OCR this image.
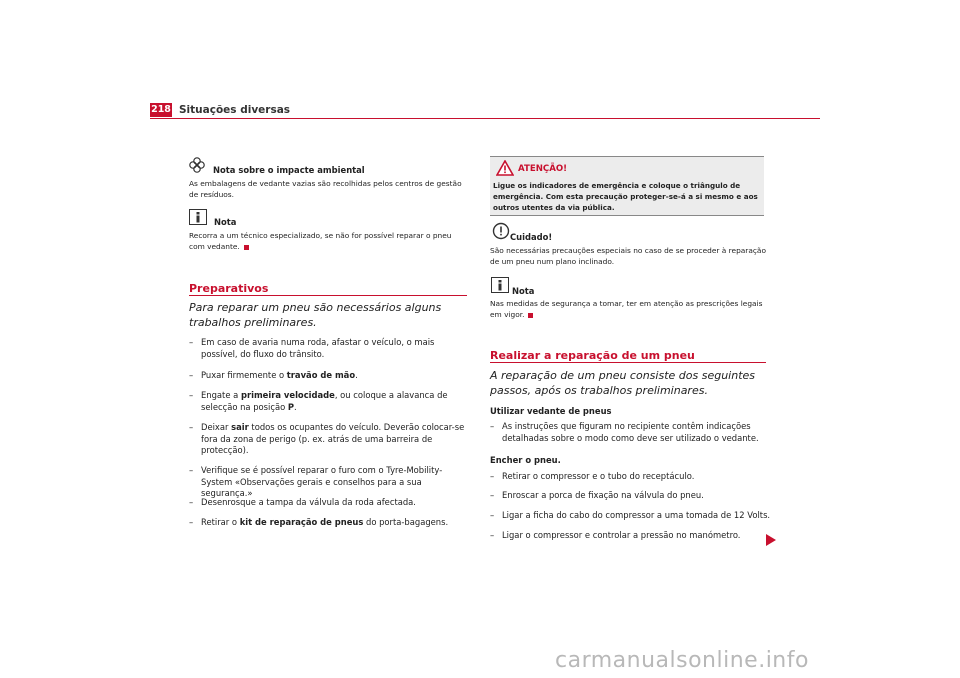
218 Situações diversas
Nota sobre o impacte ambiental
As embalagens de vedante vazias são recolhidas pelos centros de gestão de resíduos.
Nota
Recorra a um técnico especializado, se não for possível reparar o pneu com vedante.
Preparativos
Para reparar um pneu são necessários alguns trabalhos preliminares.
– Em caso de avaria numa roda, afastar o veículo, o mais possível, do fluxo do trânsito.
– Puxar firmemente o travão de mão.
– Engate a primeira velocidade, ou coloque a alavanca de selecção na posição P.
– Deixar sair todos os ocupantes do veículo. Deverão colocar-se fora da zona de perigo (p. ex. atrás de uma barreira de protecção).
– Verifique se é possível reparar o furo com o Tyre-Mobility-System «Observações gerais e conselhos para a sua segurança.»
– Desenrosque a tampa da válvula da roda afectada.
– Retirar o kit de reparação de pneus do porta-bagagens.
ATENÇÃO!
Ligue os indicadores de emergência e coloque o triângulo de emergência. Com esta precaução proteger-se-á a si mesmo e aos outros utentes da via pública.
Cuidado!
São necessárias precauções especiais no caso de se proceder à reparação de um pneu num plano inclinado.
Nota
Nas medidas de segurança a tomar, ter em atenção as prescrições legais em vigor.
Realizar a reparação de um pneu
A reparação de um pneu consiste dos seguintes passos, após os trabalhos preliminares.
Utilizar vedante de pneus
– As instruções que figuram no recipiente contêm indicações detalhadas sobre o modo como deve ser utilizado o vedante.
Encher o pneu.
– Retirar o compressor e o tubo do receptáculo.
– Enroscar a porca de fixação na válvula do pneu.
– Ligar a ficha do cabo do compressor a uma tomada de 12 Volts.
– Ligar o compressor e controlar a pressão no manómetro.
carmanualsonline.info
